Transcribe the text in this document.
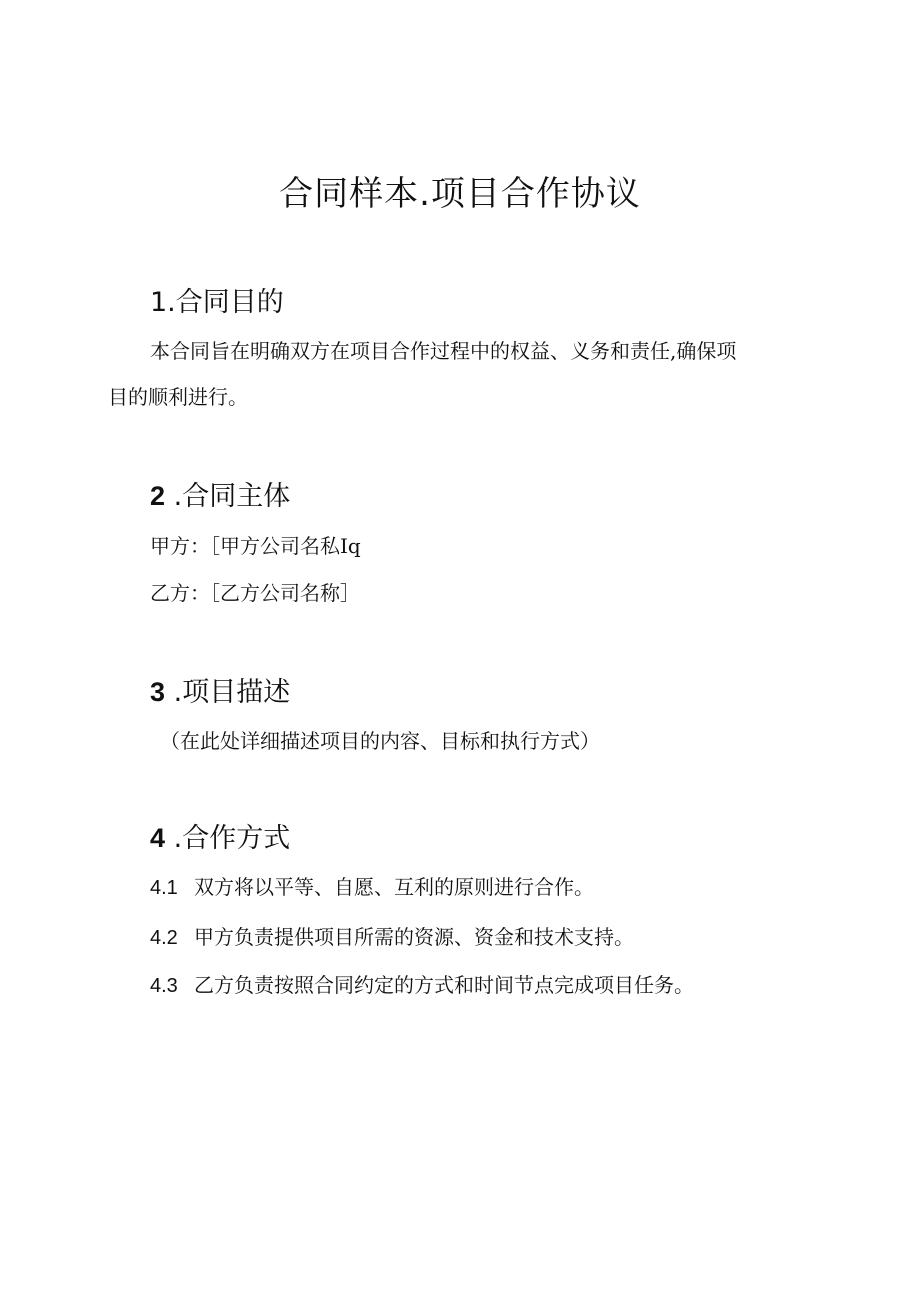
合同样本.项目合作协议
1.合同目的

本合同旨在明确双方在项目合作过程中的权益、义务和责任,确保项

目的顺利进行。

2 .合同主体

甲方：［甲方公司名私Iq

乙方：［乙方公司名称］

3 .项目描述

（在此处详细描述项目的内容、目标和执行方式）

4 .合作方式

4.1 双方将以平等、自愿、互利的原则进行合作。

4.2 甲方负责提供项目所需的资源、资金和技术支持。

4.3 乙方负责按照合同约定的方式和时间节点完成项目任务。
